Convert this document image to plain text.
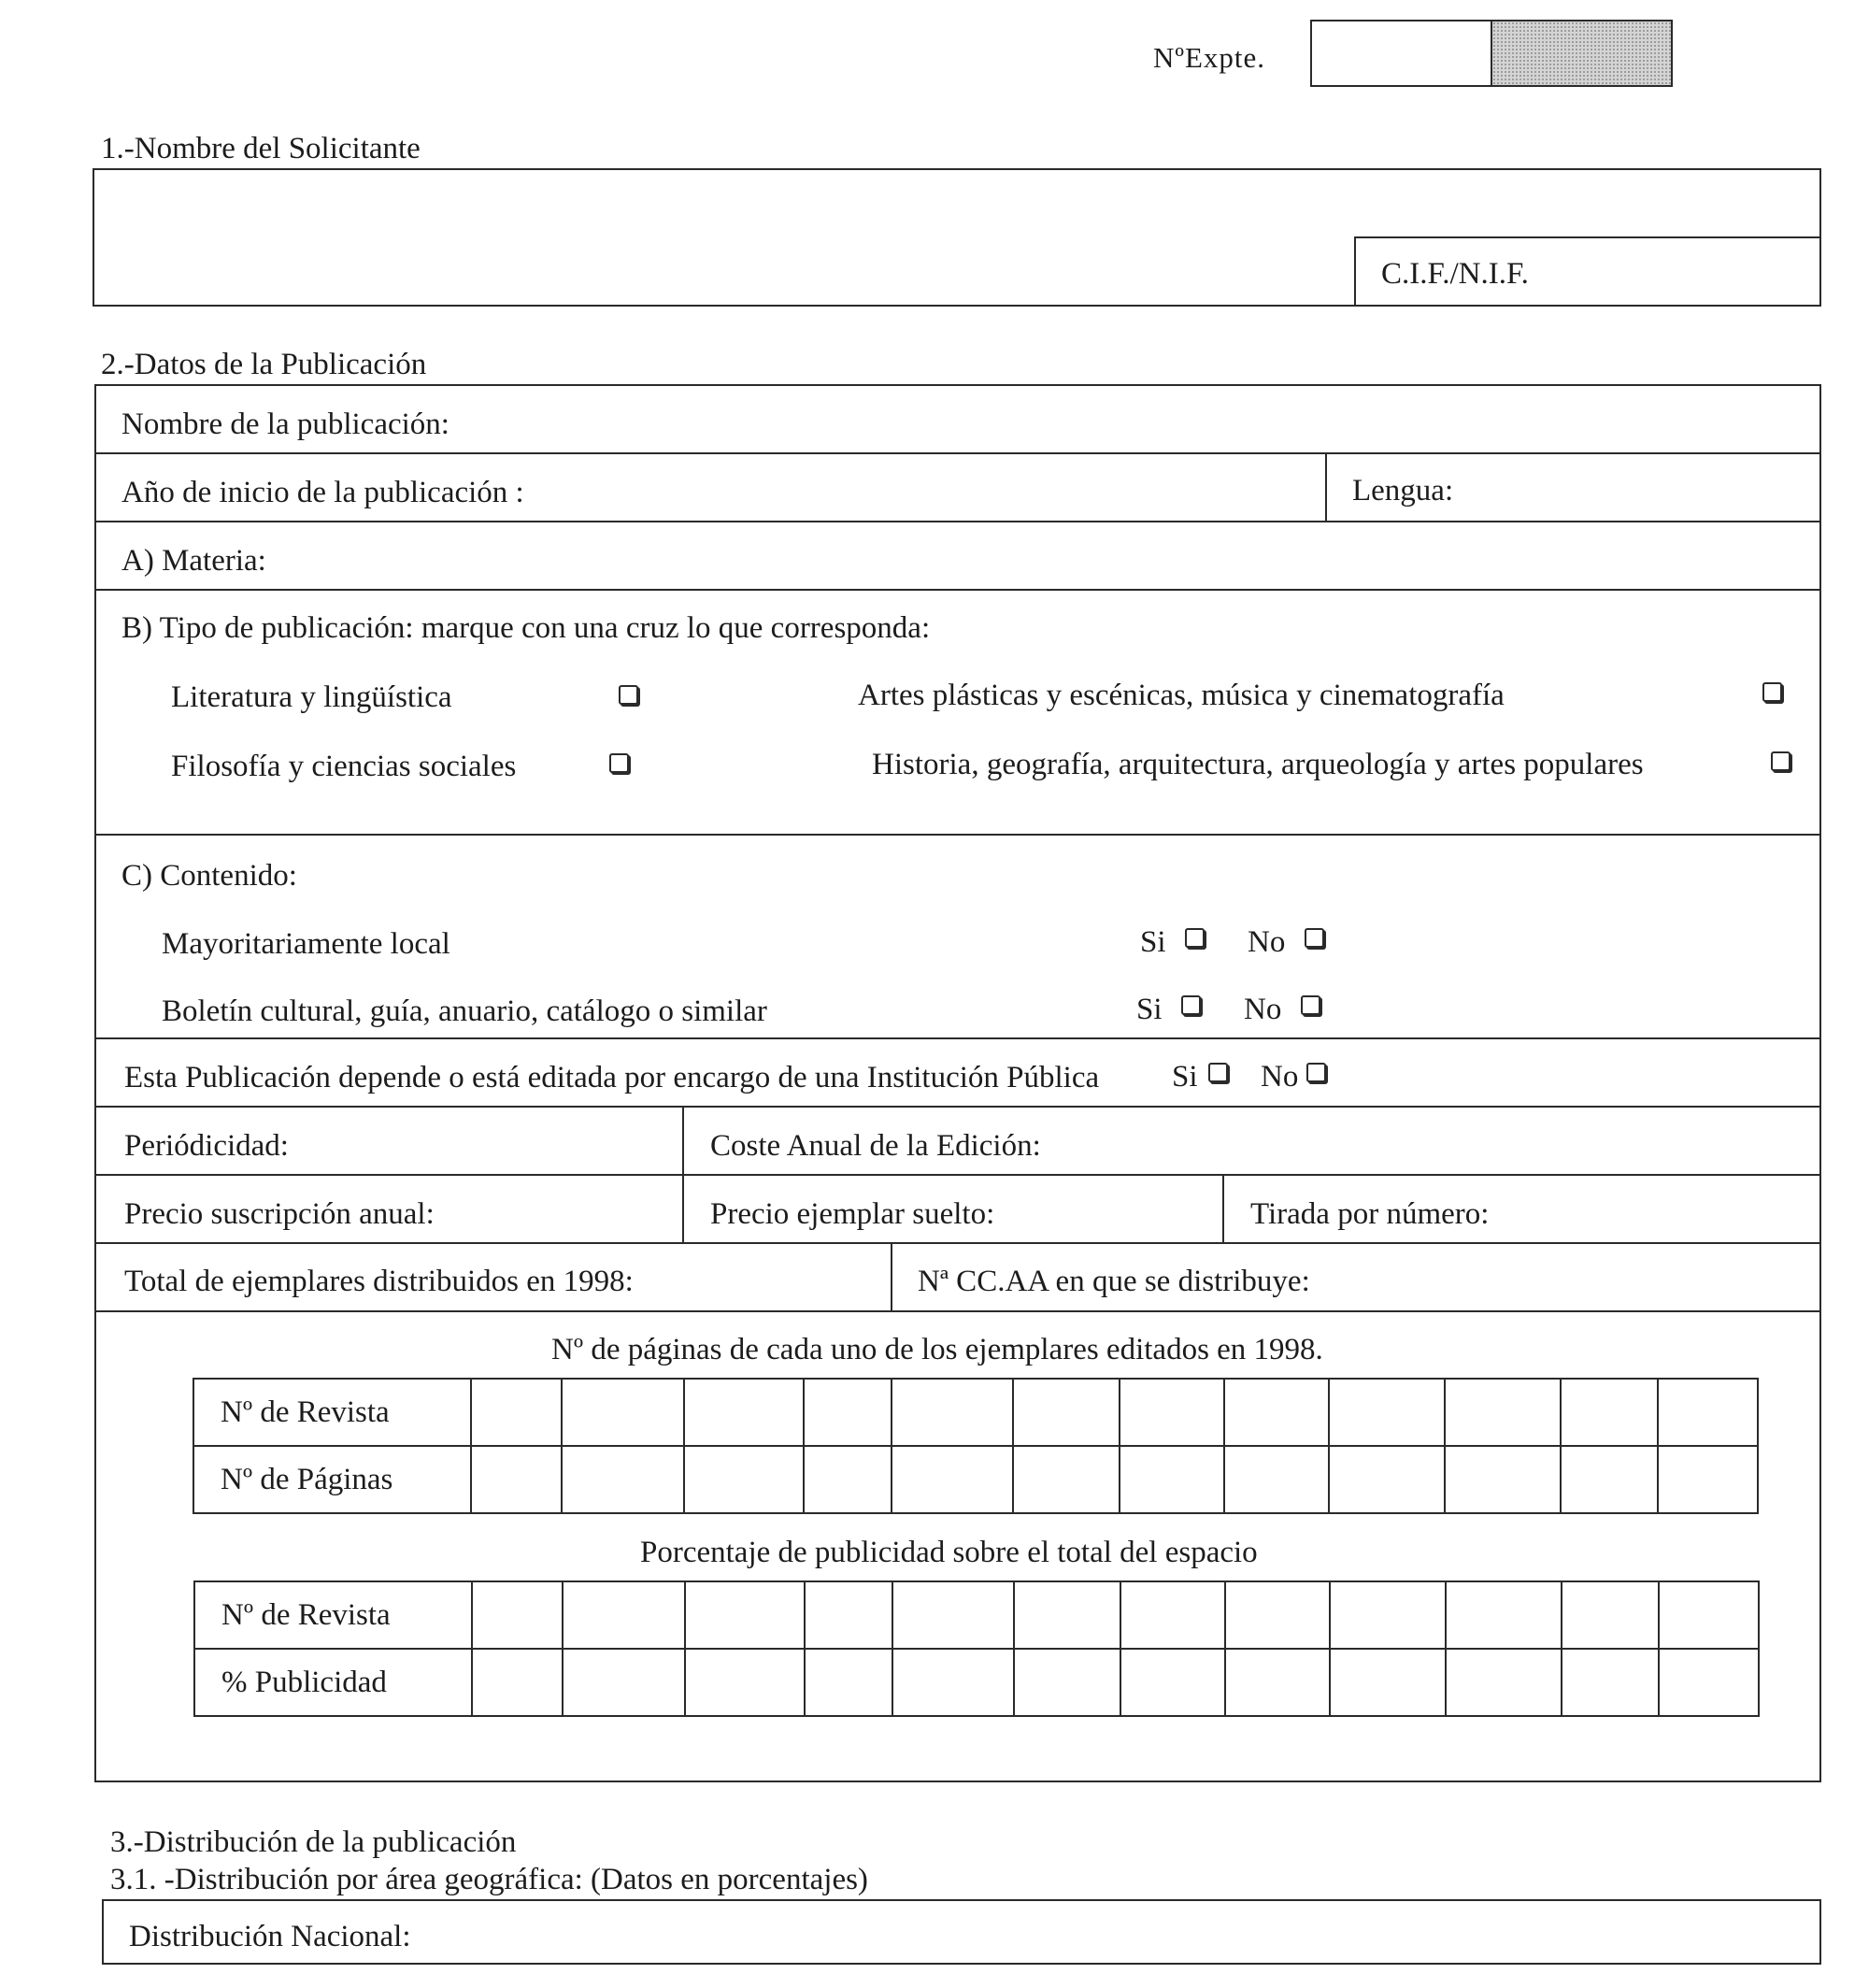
NºExpte.
1.-Nombre del Solicitante
C.I.F./N.I.F.
2.-Datos de la Publicación
Nombre de la publicación:
Año de inicio de la publicación :	Lengua:
A) Materia:
B) Tipo de publicación: marque con una cruz lo que corresponda:
Literatura y lingüística	Artes plásticas y escénicas, música y cinematografía
Filosofía y ciencias sociales	Historia, geografía, arquitectura, arqueología y artes populares
C) Contenido:
Mayoritariamente local	Si	No
Boletín cultural, guía, anuario, catálogo o similar	Si	No
Esta Publicación depende o está editada por encargo de una Institución Pública Si No
Periódicidad:	Coste Anual de la Edición:
Precio suscripción anual:	Precio ejemplar suelto:	Tirada por número:
Total de ejemplares distribuidos en 1998:	Nª CC.AA en que se distribuye:
Nº de páginas de cada uno de los ejemplares editados en 1998.
Nº de Revista												
Nº de Páginas												
Porcentaje de publicidad sobre el total del espacio
Nº de Revista												
% Publicidad												
3.-Distribución de la publicación
3.1. -Distribución por área geográfica: (Datos en porcentajes)
Distribución Nacional:
